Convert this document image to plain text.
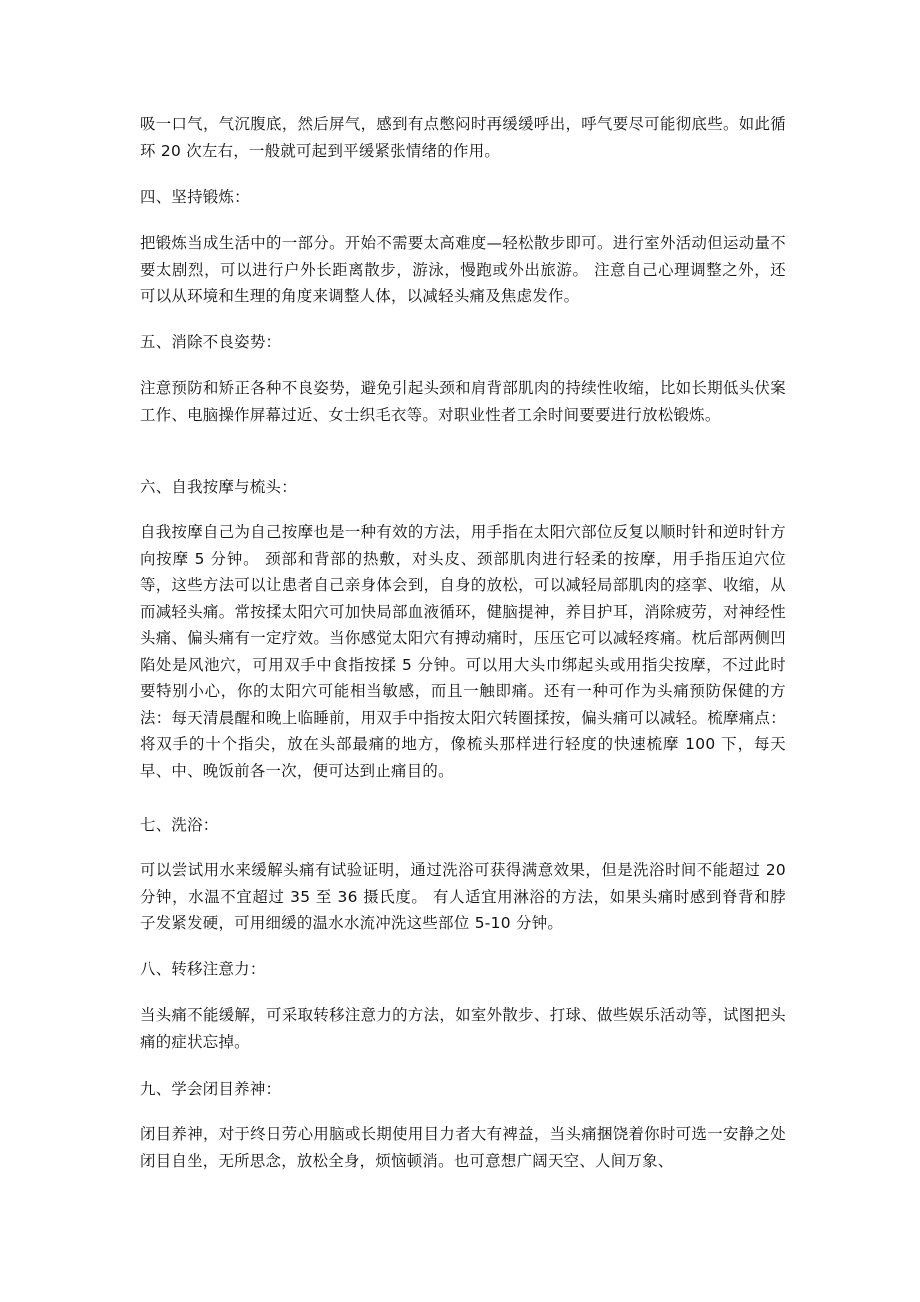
吸一口气，气沉腹底，然后屏气，感到有点憋闷时再缓缓呼出，呼气要尽可能彻底些。如此循环 20 次左右，一般就可起到平缓紧张情绪的作用。

四、坚持锻炼：

把锻炼当成生活中的一部分。开始不需要太高难度—轻松散步即可。进行室外活动但运动量不要太剧烈，可以进行户外长距离散步，游泳，慢跑或外出旅游。 注意自己心理调整之外，还可以从环境和生理的角度来调整人体，以减轻头痛及焦虑发作。

五、消除不良姿势：

注意预防和矫正各种不良姿势，避免引起头颈和肩背部肌肉的持续性收缩，比如长期低头伏案工作、电脑操作屏幕过近、女士织毛衣等。对职业性者工余时间要要进行放松锻炼。

六、自我按摩与梳头：

自我按摩自己为自己按摩也是一种有效的方法，用手指在太阳穴部位反复以顺时针和逆时针方向按摩 5 分钟。 颈部和背部的热敷，对头皮、颈部肌肉进行轻柔的按摩，用手指压迫穴位等，这些方法可以让患者自己亲身体会到，自身的放松，可以减轻局部肌肉的痉挛、收缩，从而减轻头痛。常按揉太阳穴可加快局部血液循环，健脑提神，养目护耳，消除疲劳，对神经性头痛、偏头痛有一定疗效。当你感觉太阳穴有搏动痛时，压压它可以减轻疼痛。枕后部两侧凹陷处是风池穴，可用双手中食指按揉 5 分钟。可以用大头巾绑起头或用指尖按摩，不过此时要特别小心，你的太阳穴可能相当敏感，而且一触即痛。还有一种可作为头痛预防保健的方法：每天清晨醒和晚上临睡前，用双手中指按太阳穴转圈揉按，偏头痛可以减轻。梳摩痛点： 将双手的十个指尖，放在头部最痛的地方，像梳头那样进行轻度的快速梳摩 100 下，每天早、中、晚饭前各一次，便可达到止痛目的。

七、洗浴：

可以尝试用水来缓解头痛有试验证明，通过洗浴可获得满意效果，但是洗浴时间不能超过 20 分钟，水温不宜超过 35 至 36 摄氏度。 有人适宜用淋浴的方法，如果头痛时感到脊背和脖子发紧发硬，可用细缓的温水水流冲洗这些部位 5-10 分钟。

八、转移注意力：

当头痛不能缓解，可采取转移注意力的方法，如室外散步、打球、做些娱乐活动等，试图把头痛的症状忘掉。

九、学会闭目养神：

闭目养神，对于终日劳心用脑或长期使用目力者大有裨益，当头痛捆饶着你时可选一安静之处闭目自坐，无所思念，放松全身，烦恼顿消。也可意想广阔天空、人间万象、
